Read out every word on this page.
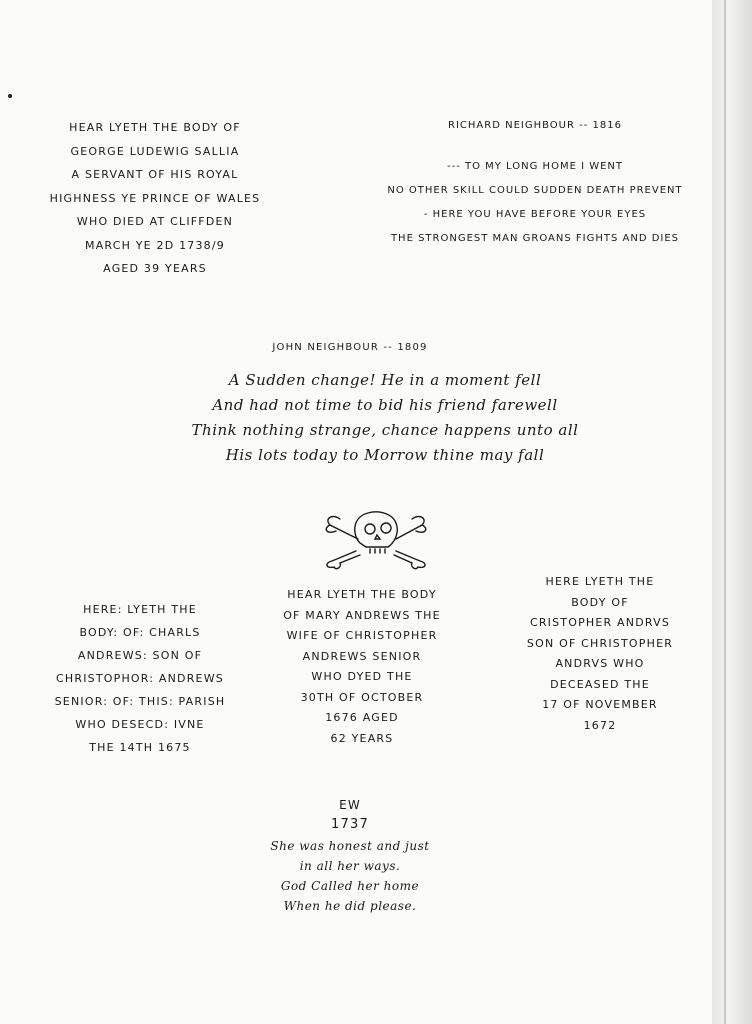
HEAR LYETH THE BODY OF
GEORGE LUDEWIG SALLIA
A SERVANT OF HIS ROYAL
HIGHNESS YE PRINCE OF WALES
WHO DIED AT CLIFFDEN
MARCH YE 2D 1738/9
AGED 39 YEARS
RICHARD NEIGHBOUR -- 1816
--- TO MY LONG HOME I WENT
NO OTHER SKILL COULD SUDDEN DEATH PREVENT
- HERE YOU HAVE BEFORE YOUR EYES
THE STRONGEST MAN GROANS FIGHTS AND DIES
JOHN NEIGHBOUR -- 1809
A Sudden change! He in a moment fell
And had not time to bid his friend farewell
Think nothing strange, chance happens unto all
His lots today to Morrow thine may fall
HERE: LYETH THE
BODY: OF: CHARLS
ANDREWS: SON OF
CHRISTOPHOR: ANDREWS
SENIOR: OF: THIS: PARISH
WHO DESECD: IVNE
THE 14TH 1675
HEAR LYETH THE BODY
OF MARY ANDREWS THE
WIFE OF CHRISTOPHER
ANDREWS SENIOR
WHO DYED THE
30TH OF OCTOBER
1676 AGED
62 YEARS
HERE LYETH THE
BODY OF
CRISTOPHER ANDRVS
SON OF CHRISTOPHER
ANDRVS WHO
DECEASED THE
17 OF NOVEMBER
1672
EW
1737
She was honest and just
in all her ways.
God Called her home
When he did please.
